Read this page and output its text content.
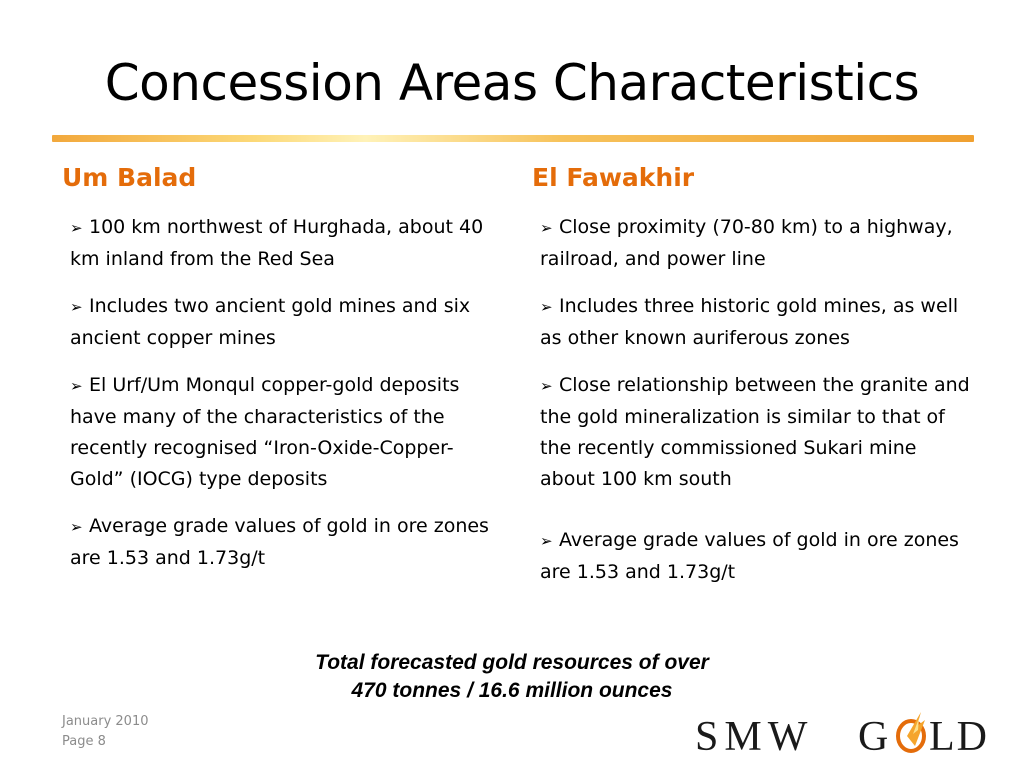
Concession Areas Characteristics
Um Balad
➢ 100 km northwest of Hurghada, about 40 km inland from the Red Sea
➢ Includes two ancient gold mines and six ancient copper mines
➢ El Urf/Um Monqul copper-gold deposits have many of the characteristics of the recently recognised “Iron-Oxide-Copper-Gold” (IOCG) type deposits
➢ Average grade values of gold in ore zones are 1.53 and 1.73g/t
El Fawakhir
➢ Close proximity (70-80 km) to a highway, railroad, and power line
➢ Includes three historic gold mines, as well as other known auriferous zones
➢ Close relationship between the granite and the gold mineralization is similar to that of the recently commissioned Sukari mine about 100 km south
➢ Average grade values of gold in ore zones are 1.53 and 1.73g/t
Total forecasted gold resources of over
470 tonnes / 16.6 million ounces
January 2010
Page 8	SMW G LD
